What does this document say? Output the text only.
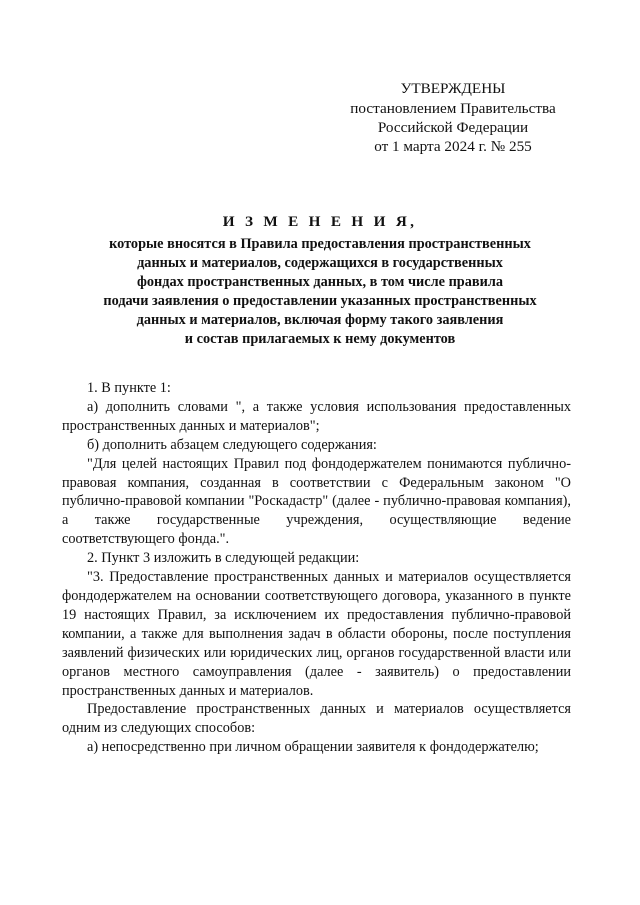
УТВЕРЖДЕНЫ
постановлением Правительства
Российской Федерации
от 1 марта 2024 г. № 255
И З М Е Н Е Н И Я,
которые вносятся в Правила предоставления пространственных
данных и материалов, содержащихся в государственных
фондах пространственных данных, в том числе правила
подачи заявления о предоставлении указанных пространственных
данных и материалов, включая форму такого заявления
и состав прилагаемых к нему документов

1. В пункте 1:

а) дополнить словами ", а также условия использования предоставленных пространственных данных и материалов";

б) дополнить абзацем следующего содержания:

"Для целей настоящих Правил под фондодержателем понимаются публично-правовая компания, созданная в соответствии с Федеральным законом "О публично-правовой компании "Роскадастр" (далее - публично-правовая компания), а также государственные учреждения, осуществляющие ведение соответствующего фонда.".

2. Пункт 3 изложить в следующей редакции:

"3. Предоставление пространственных данных и материалов осуществляется фондодержателем на основании соответствующего договора, указанного в пункте 19 настоящих Правил, за исключением их предоставления публично-правовой компании, а также для выполнения задач в области обороны, после поступления заявлений физических или юридических лиц, органов государственной власти или органов местного самоуправления (далее - заявитель) о предоставлении пространственных данных и материалов.

Предоставление пространственных данных и материалов осуществляется одним из следующих способов:

а) непосредственно при личном обращении заявителя к фондодержателю;
